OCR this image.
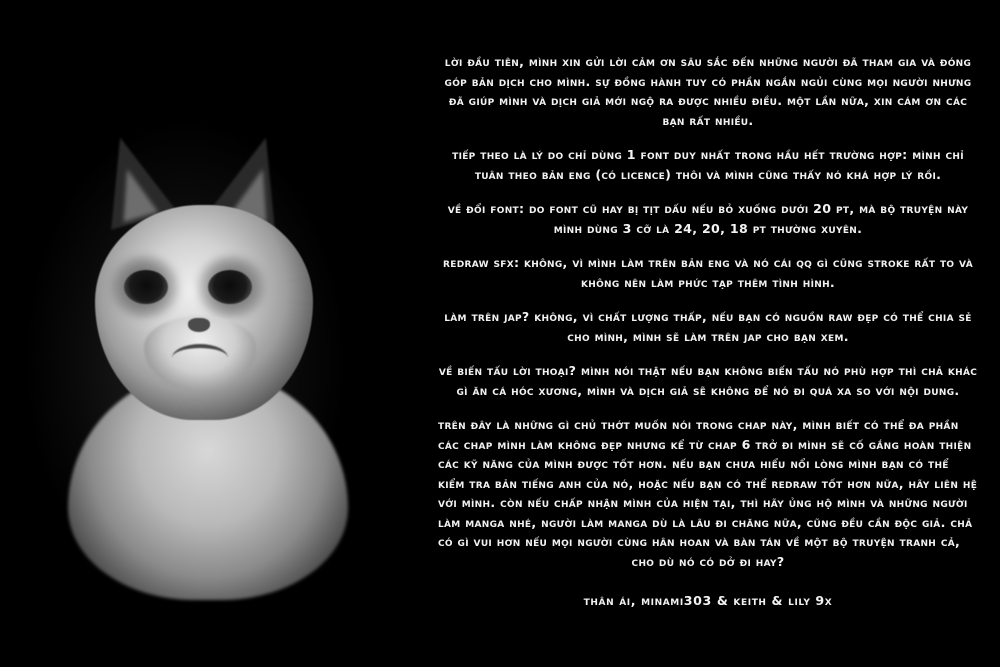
lời đầu tiên, mình xin gửi lời cảm ơn sâu sắc đến những người đã tham gia và đóng góp bản dịch cho mình. sự đồng hành tuy có phần ngắn ngủi cùng mọi người nhưng đã giúp mình và dịch giả mới ngộ ra được nhiều điều. một lần nữa, xin cám ơn các bạn rất nhiều.

tiếp theo là lý do chỉ dùng 1 font duy nhất trong hầu hết trường hợp: mình chỉ tuân theo bản eng (có licence) thôi và mình cũng thấy nó khá hợp lý rồi.

về đổi font: do font cũ hay bị tịt dấu nếu bỏ xuống dưới 20 pt, mà bộ truyện này mình dùng 3 cỡ là 24, 20, 18 pt thường xuyên.

redraw sfx: không, vì mình làm trên bản eng và nó cái qq gì cũng stroke rất to và không nên làm phức tạp thêm tình hình.

làm trên jap? không, vì chất lượng thấp, nếu bạn có nguồn raw đẹp có thể chia sẻ cho mình, mình sẽ làm trên jap cho bạn xem.

về biến tấu lời thoại? mình nói thật nếu bạn không biến tấu nó phù hợp thì chả khác gì ăn cá hóc xương, mình và dịch giả sẽ không để nó đi quá xa so với nội dung.

trên đây là những gì chủ thớt muốn nói trong chap này, mình biết có thể đa phần các chap mình làm không đẹp nhưng kể từ chap 6 trở đi mình sẽ cố gắng hoàn thiện các kỹ năng của mình được tốt hơn. nếu bạn chưa hiểu nổi lòng mình bạn có thể kiểm tra bản tiếng anh của nó, hoặc nếu bạn có thể redraw tốt hơn nữa, hãy liên hệ với mình. còn nếu chấp nhận mình của hiện tại, thì hãy ủng hộ mình và những người làm manga nhé, người làm manga dù là lâu đi chăng nữa, cũng đều cần độc giả. chả có gì vui hơn nếu mọi người cùng hân hoan và bàn tán về một bộ truyện tranh cả, cho dù nó có dở đi hay?

thân ái, minami303 & keith & lily 9x
